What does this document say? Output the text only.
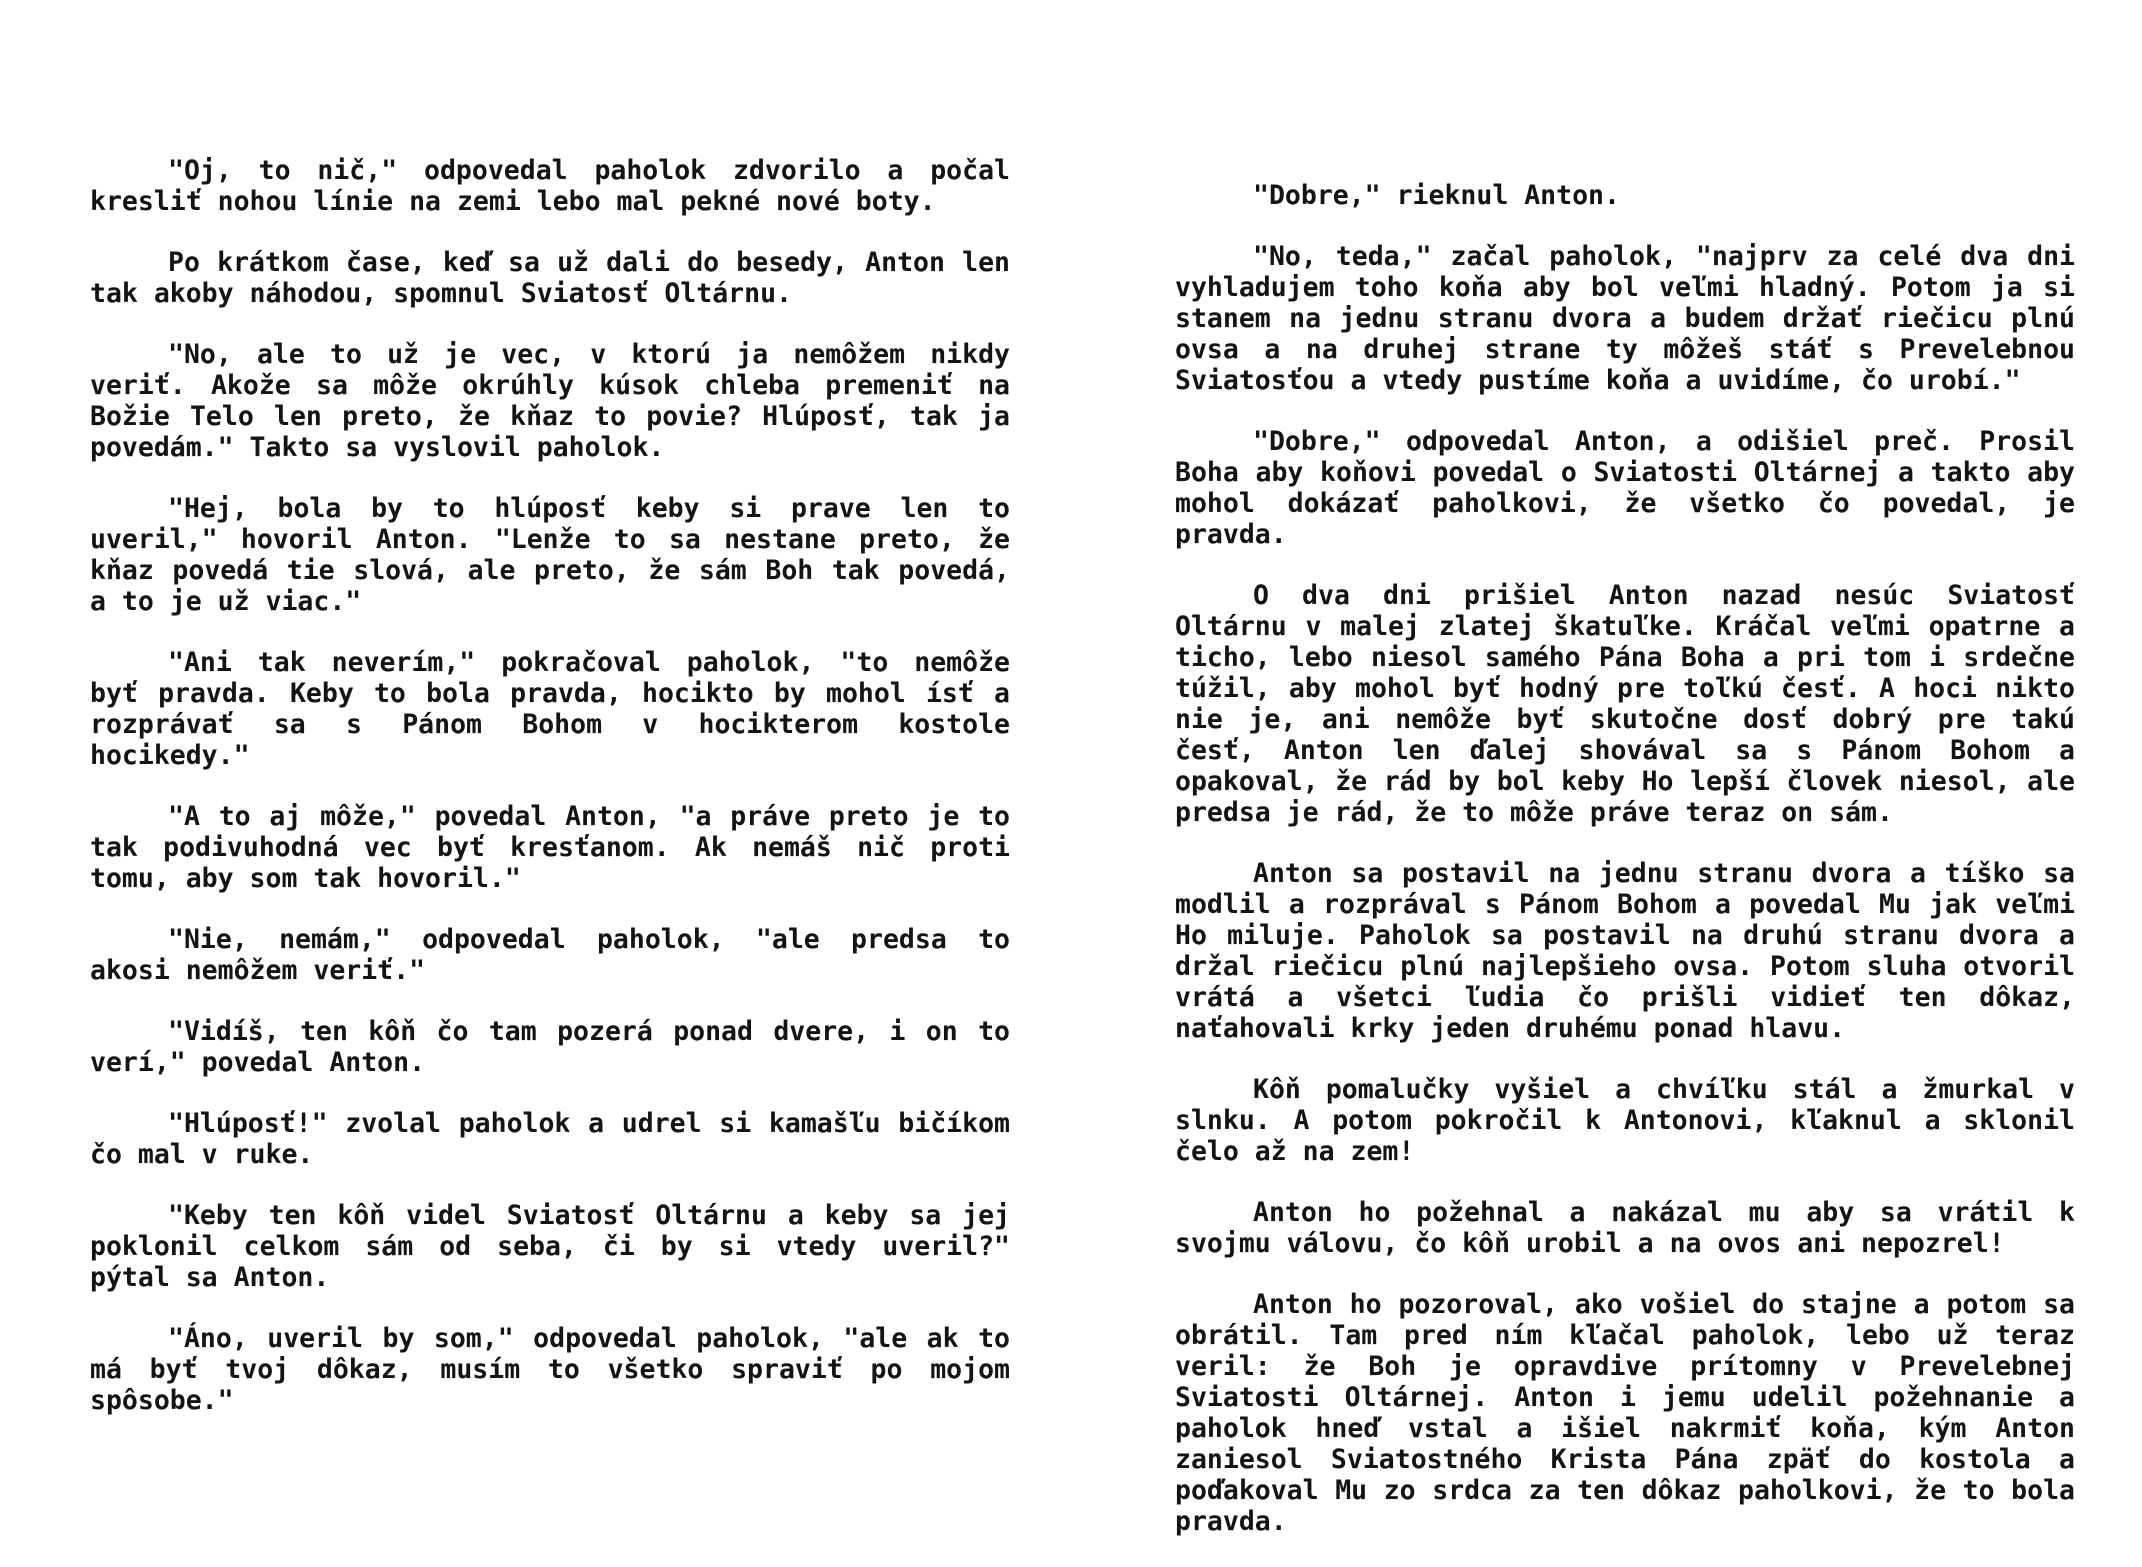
"Oj, to nič," odpovedal paholok zdvorilo a počal kresliť nohou línie na zemi lebo mal pekné nové boty.

Po krátkom čase, keď sa už dali do besedy, Anton len tak akoby náhodou, spomnul Sviatosť Oltárnu.

"No, ale to už je vec, v ktorú ja nemôžem nikdy veriť. Akože sa môže okrúhly kúsok chleba premeniť na Božie Telo len preto, že kňaz to povie? Hlúposť, tak ja povedám." Takto sa vyslovil paholok.

"Hej, bola by to hlúposť keby si prave len to uveril," hovoril Anton. "Lenže to sa nestane preto, že kňaz povedá tie slová, ale preto, že sám Boh tak povedá, a to je už viac."

"Ani tak neverím," pokračoval paholok, "to nemôže byť pravda. Keby to bola pravda, hocikto by mohol ísť a rozprávať sa s Pánom Bohom v hocikterom kostole hocikedy."

"A to aj môže," povedal Anton, "a práve preto je to tak podivuhodná vec byť kresťanom. Ak nemáš nič proti tomu, aby som tak hovoril."

"Nie, nemám," odpovedal paholok, "ale predsa to akosi nemôžem veriť."

"Vidíš, ten kôň čo tam pozerá ponad dvere, i on to verí," povedal Anton.

"Hlúposť!" zvolal paholok a udrel si kamašľu bičíkom čo mal v ruke.

"Keby ten kôň videl Sviatosť Oltárnu a keby sa jej poklonil celkom sám od seba, či by si vtedy uveril?" pýtal sa Anton.

"Áno, uveril by som," odpovedal paholok, "ale ak to má byť tvoj dôkaz, musím to všetko spraviť po mojom spôsobe."

"Dobre," rieknul Anton.

"No, teda," začal paholok, "najprv za celé dva dni vyhladujem toho koňa aby bol veľmi hladný. Potom ja si stanem na jednu stranu dvora a budem držať riečicu plnú ovsa a na druhej strane ty môžeš stáť s Prevelebnou Sviatosťou a vtedy pustíme koňa a uvidíme, čo urobí."

"Dobre," odpovedal Anton, a odišiel preč. Prosil Boha aby koňovi povedal o Sviatosti Oltárnej a takto aby mohol dokázať paholkovi, že všetko čo povedal, je pravda.

O dva dni prišiel Anton nazad nesúc Sviatosť Oltárnu v malej zlatej škatuľke. Kráčal veľmi opatrne a ticho, lebo niesol samého Pána Boha a pri tom i srdečne túžil, aby mohol byť hodný pre toľkú česť. A hoci nikto nie je, ani nemôže byť skutočne dosť dobrý pre takú česť, Anton len ďalej shovával sa s Pánom Bohom a opakoval, že rád by bol keby Ho lepší človek niesol, ale predsa je rád, že to môže práve teraz on sám.

Anton sa postavil na jednu stranu dvora a tíško sa modlil a rozprával s Pánom Bohom a povedal Mu jak veľmi Ho miluje. Paholok sa postavil na druhú stranu dvora a držal riečicu plnú najlepšieho ovsa. Potom sluha otvoril vrátá a všetci ľudia čo prišli vidieť ten dôkaz, naťahovali krky jeden druhému ponad hlavu.

Kôň pomalučky vyšiel a chvíľku stál a žmurkal v slnku. A potom pokročil k Antonovi, kľaknul a sklonil čelo až na zem!

Anton ho požehnal a nakázal mu aby sa vrátil k svojmu válovu, čo kôň urobil a na ovos ani nepozrel!

Anton ho pozoroval, ako vošiel do stajne a potom sa obrátil. Tam pred ním kľačal paholok, lebo už teraz veril: že Boh je opravdive prítomny v Prevelebnej Sviatosti Oltárnej. Anton i jemu udelil požehnanie a paholok hneď vstal a išiel nakrmiť koňa, kým Anton zaniesol Sviatostného Krista Pána zpäť do kostola a poďakoval Mu zo srdca za ten dôkaz paholkovi, že to bola pravda.
